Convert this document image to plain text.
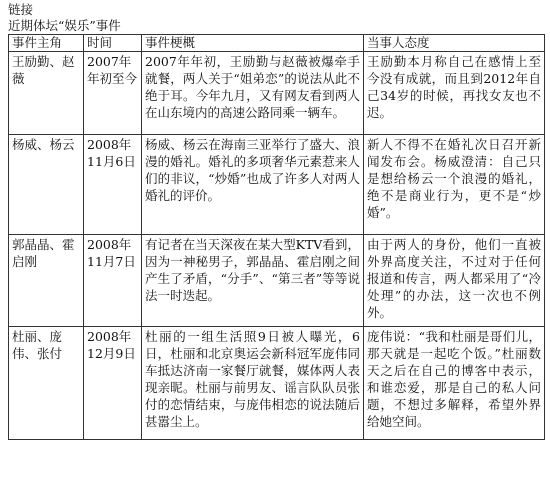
链接
近期体坛“娱乐”事件
事件主角	时间	事件梗概	当事人态度
王励勤、赵薇	2007年年初至今	2007年年初，王励勤与赵薇被爆牵手就餐，两人关于“姐弟恋”的说法从此不绝于耳。今年九月，又有网友看到两人在山东境内的高速公路同乘一辆车。	王励勤本月称自己在感情上至今没有成就，而且到2012年自己34岁的时候，再找女友也不迟。
杨威、杨云	2008年11月6日	杨威、杨云在海南三亚举行了盛大、浪漫的婚礼。婚礼的多项奢华元素惹来人们的非议，“炒婚”也成了许多人对两人婚礼的评价。	新人不得不在婚礼次日召开新闻发布会。杨威澄清：自己只是想给杨云一个浪漫的婚礼，绝不是商业行为，更不是“炒婚”。
郭晶晶、霍启刚	2008年11月7日	有记者在当天深夜在某大型KTV看到，因为一神秘男子，郭晶晶、霍启刚之间产生了矛盾，“分手”、“第三者”等等说法一时迭起。	由于两人的身份，他们一直被外界高度关注，不过对于任何报道和传言，两人都采用了“冷处理”的办法，这一次也不例外。
杜丽、庞伟、张付	2008年12月9日	杜丽的一组生活照9日被人曝光，6日，杜丽和北京奥运会新科冠军庞伟同车抵达济南一家餐厅就餐，媒体两人表现亲昵。杜丽与前男友、谣言队队员张付的恋情结束，与庞伟相恋的说法随后甚嚣尘上。	庞伟说：“我和杜丽是哥们儿，那天就是一起吃个饭。”杜丽数天之后在自己的博客中表示，和谁恋爱，那是自己的私人问题，不想过多解释，希望外界给她空间。
